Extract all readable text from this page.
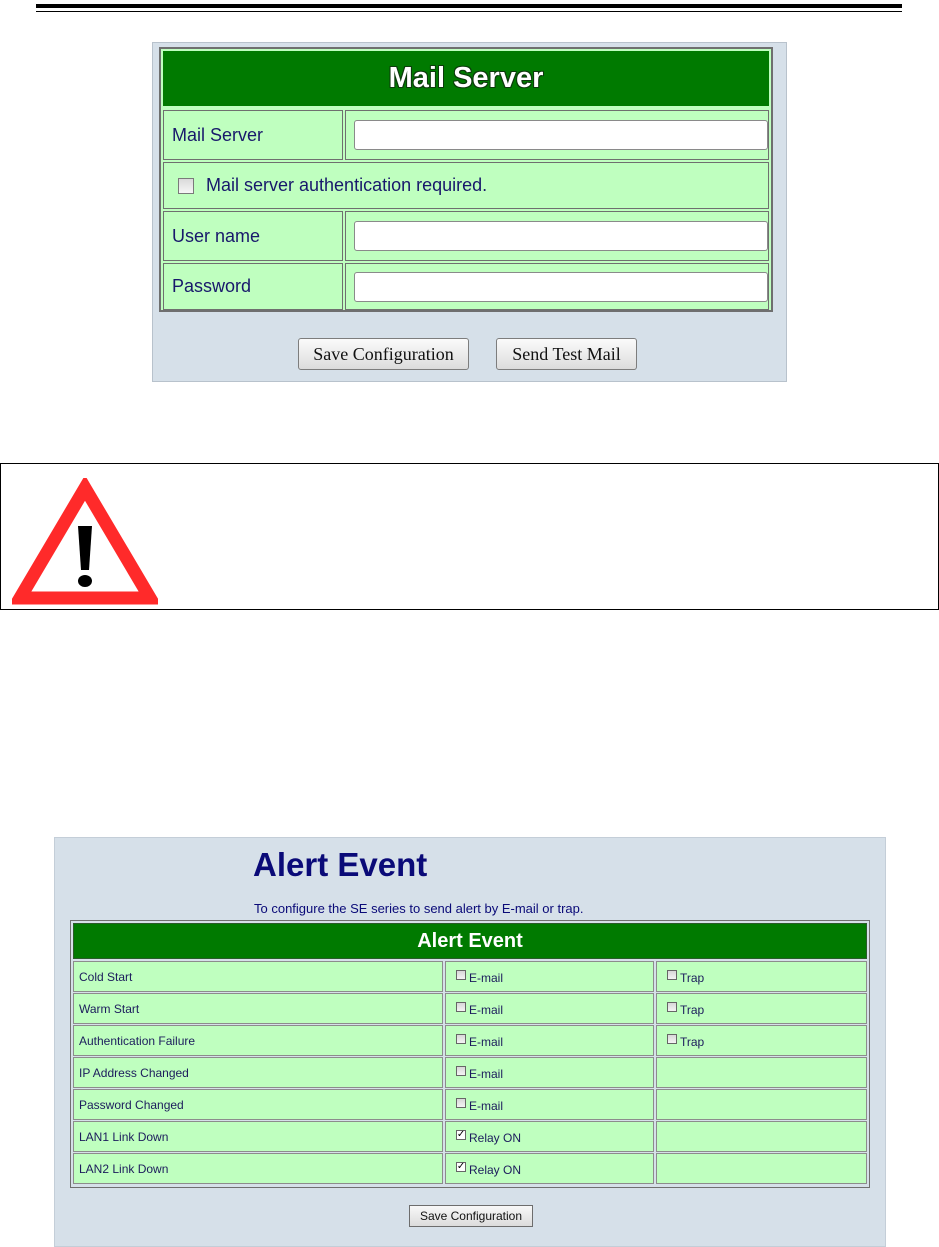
Mail Server
Mail Server
Mail server authentication required.
User name
Password
Save Configuration	Send Test Mail
Alert Event
To configure the SE series to send alert by E-mail or trap.
Alert Event
Cold Start	E-mail	Trap
Warm Start	E-mail	Trap
Authentication Failure	E-mail	Trap
IP Address Changed	E-mail
Password Changed	E-mail
LAN1 Link Down	✓ Relay ON
LAN2 Link Down	✓ Relay ON
Save Configuration
